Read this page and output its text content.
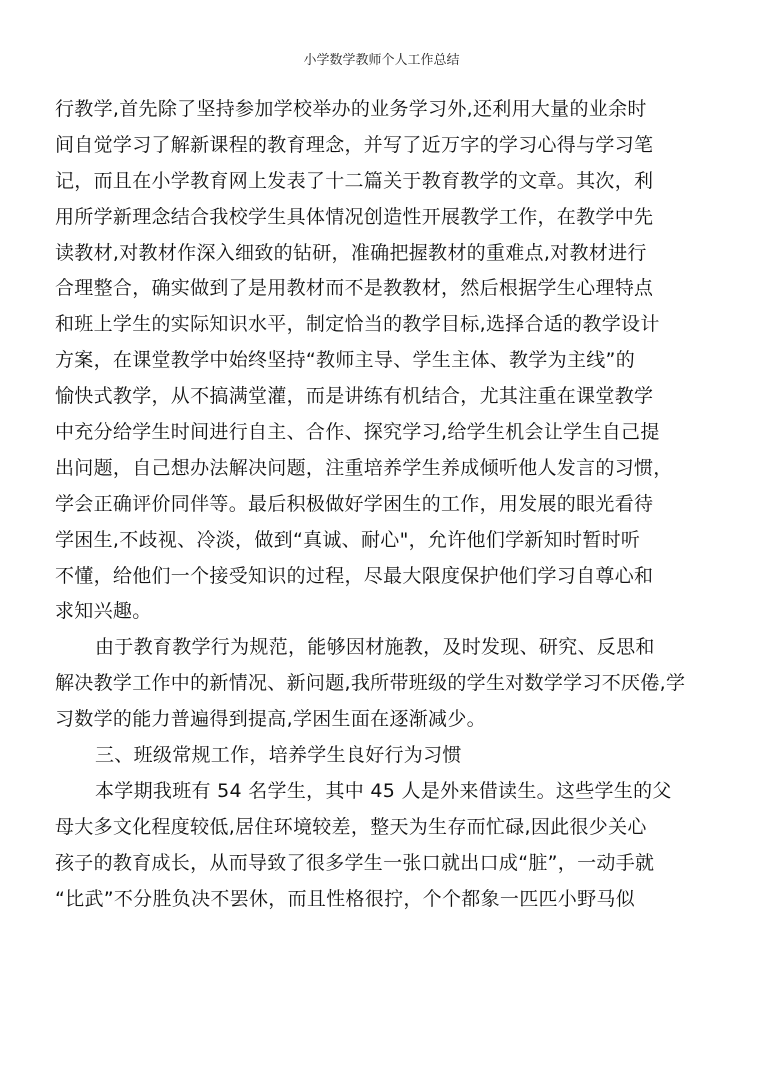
小学数学教师个人工作总结
行教学,首先除了坚持参加学校举办的业务学习外,还利用大量的业余时
间自觉学习了解新课程的教育理念，并写了近万字的学习心得与学习笔
记，而且在小学教育网上发表了十二篇关于教育教学的文章。其次，利
用所学新理念结合我校学生具体情况创造性开展教学工作，在教学中先
读教材,对教材作深入细致的钻研，准确把握教材的重难点,对教材进行
合理整合，确实做到了是用教材而不是教教材，然后根据学生心理特点
和班上学生的实际知识水平，制定恰当的教学目标,选择合适的教学设计
方案，在课堂教学中始终坚持“教师主导、学生主体、教学为主线”的
愉快式教学，从不搞满堂灌，而是讲练有机结合，尤其注重在课堂教学
中充分给学生时间进行自主、合作、探究学习,给学生机会让学生自己提
出问题，自己想办法解决问题，注重培养学生养成倾听他人发言的习惯，
学会正确评价同伴等。最后积极做好学困生的工作，用发展的眼光看待
学困生,不歧视、冷淡，做到“真诚、耐心"，允许他们学新知时暂时听
不懂，给他们一个接受知识的过程，尽最大限度保护他们学习自尊心和
求知兴趣。
由于教育教学行为规范，能够因材施教，及时发现、研究、反思和
解决教学工作中的新情况、新问题,我所带班级的学生对数学学习不厌倦,学
习数学的能力普遍得到提高,学困生面在逐渐减少。
三、班级常规工作，培养学生良好行为习惯
本学期我班有 54 名学生，其中 45 人是外来借读生。这些学生的父
母大多文化程度较低,居住环境较差，整天为生存而忙碌,因此很少关心
孩子的教育成长，从而导致了很多学生一张口就出口成“脏”，一动手就
“比武”不分胜负决不罢休，而且性格很拧，个个都象一匹匹小野马似
